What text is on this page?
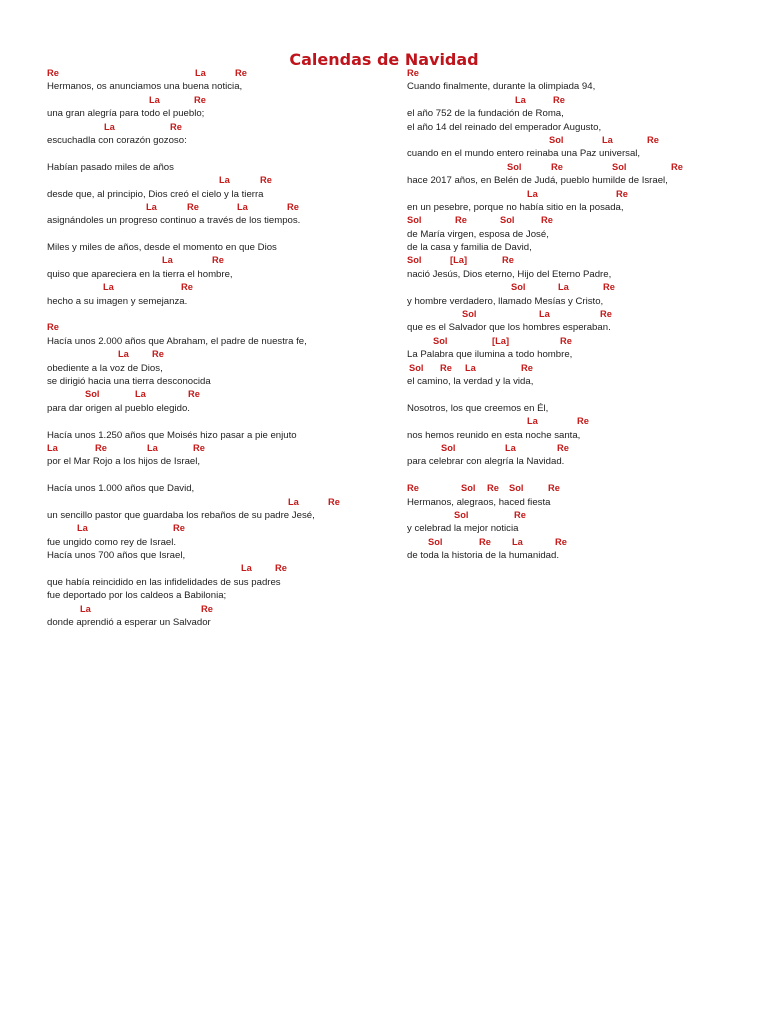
Calendas de Navidad
Re	La	Re
Hermanos, os anunciamos una buena noticia,
La	Re
una gran alegría para todo el pueblo;
La	Re
escuchadla con corazón gozoso:
Habían pasado miles de años
La	Re
desde que, al principio, Dios creó el cielo y la tierra
La	Re	La	Re
asignándoles un progreso continuo a través de los tiempos.
Miles y miles de años, desde el momento en que Dios
La	Re
quiso que apareciera en la tierra el hombre,
La	Re
hecho a su imagen y semejanza.
Re
Hacía unos 2.000 años que Abraham, el padre de nuestra fe,
La Re
obediente a la voz de Dios,
se dirigió hacia una tierra desconocida
Sol	La	Re
para dar origen al pueblo elegido.
Hacía unos 1.250 años que Moisés hizo pasar a pie enjuto
La	Re	La	Re
por el Mar Rojo a los hijos de Israel,
Hacía unos 1.000 años que David,
La	Re
un sencillo pastor que guardaba los rebaños de su padre Jesé,
La	Re
fue ungido como rey de Israel.
Hacía unos 700 años que Israel,
La Re
que había reincidido en las infidelidades de sus padres
fue deportado por los caldeos a Babilonia;
La	Re
donde aprendió a esperar un Salvador
Re
Cuando finalmente, durante la olimpiada 94,
La	Re
el año 752 de la fundación de Roma,
el año 14 del reinado del emperador Augusto,
Sol	La	Re
cuando en el mundo entero reinaba una Paz universal,
Sol	Re	Sol	Re
hace 2017 años, en Belén de Judá, pueblo humilde de Israel,
La	Re
en un pesebre, porque no había sitio en la posada,
Sol	Re	Sol	Re
de María virgen, esposa de José,
de la casa y familia de David,
Sol	[La]	Re
nació Jesús, Dios eterno, Hijo del Eterno Padre,
Sol	La	Re
y hombre verdadero, llamado Mesías y Cristo,
Sol	La	Re
que es el Salvador que los hombres esperaban.
Sol	[La]	Re
La Palabra que ilumina a todo hombre,
Sol Re La	Re
el camino, la verdad y la vida,
Nosotros, los que creemos en Él,
La	Re
nos hemos reunido en esta noche santa,
Sol	La	Re
para celebrar con alegría la Navidad.
Re	Sol Re Sol	Re
Hermanos, alegraos, haced fiesta
Sol	Re
y celebrad la mejor noticia
Sol	Re La	Re
de toda la historia de la humanidad.
